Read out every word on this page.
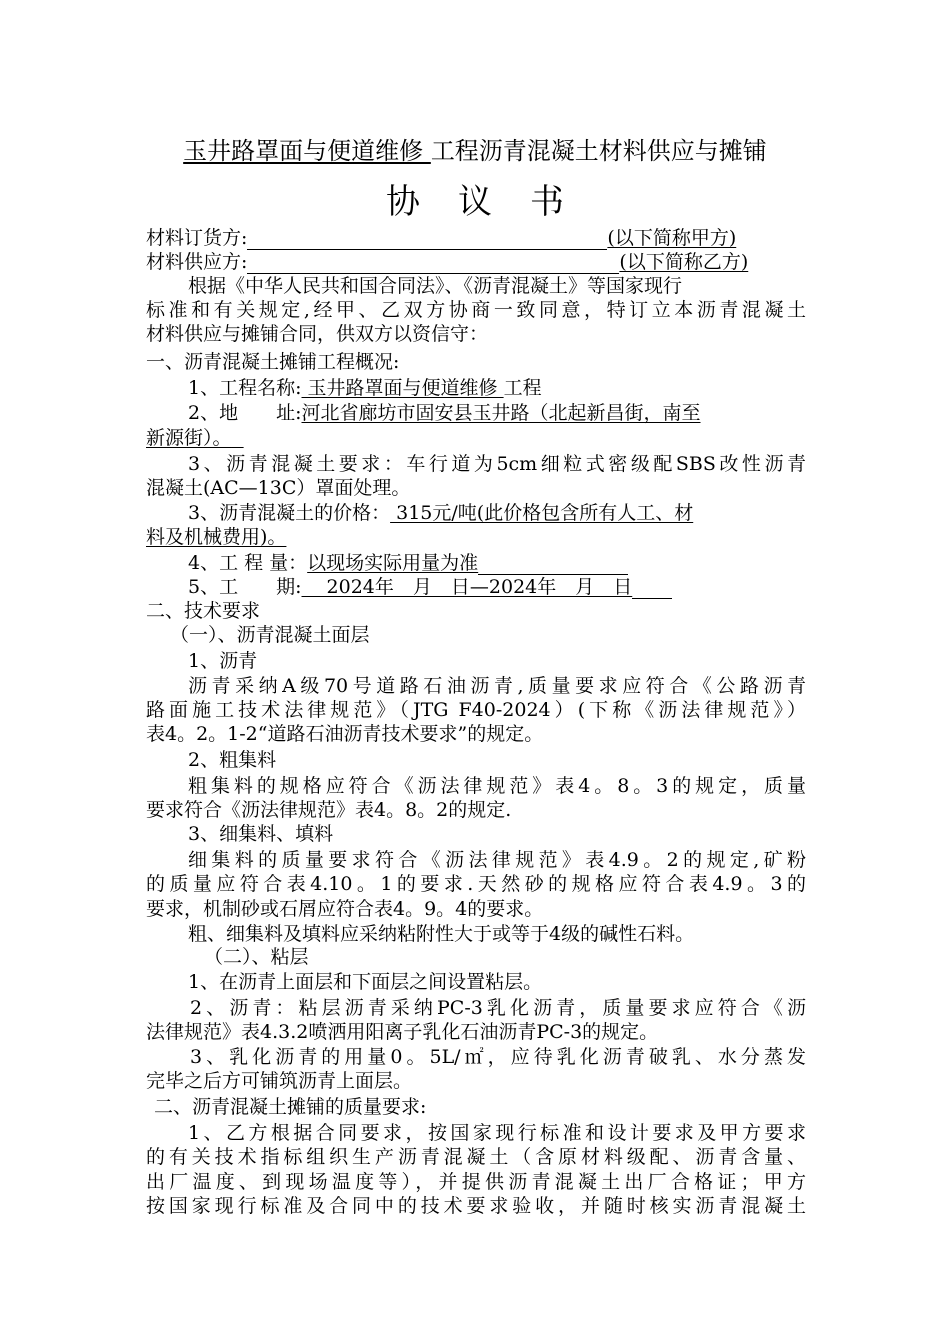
玉井路罩面与便道维修 工程沥青混凝土材料供应与摊铺
协议书
材料订货方:	(以下简称甲方)
材料供应方:	(以下简称乙方)
根据《中华人民共和国合同法》、《沥青混凝土》等国家现行
标准和有关规定,经甲、乙双方协商一致同意，特订立本沥青混凝土
材料供应与摊铺合同，供双方以资信守：
一、沥青混凝土摊铺工程概况:
1、工程名称: 玉井路罩面与便道维修 工程
2、地　　址:河北省廊坊市固安县玉井路（北起新昌街，南至
新源街）。
3、沥青混凝土要求：车行道为5cm细粒式密级配SBS改性沥青
混凝土(AC—13C）罩面处理。
3、沥青混凝土的价格： 315元/吨(此价格包含所有人工、材
料及机械费用)。
4、工 程 量：以现场实际用量为准
5、工　　期:　 2024年　月　日—2024年　月　日
二、技术要求
（一）、沥青混凝土面层
1、沥青
沥青采纳A级70号道路石油沥青,质量要求应符合《公路沥青
路面施工技术法律规范》（JTG F40-2024）(下称《沥法律规范》）
表4。2。1-2“道路石油沥青技术要求”的规定。
2、粗集料
粗集料的规格应符合《沥法律规范》表4。8。3的规定，质量
要求符合《沥法律规范》表4。8。2的规定.
3、细集料、填料
细集料的质量要求符合《沥法律规范》表4.9。2的规定,矿粉
的质量应符合表4.10。1的要求.天然砂的规格应符合表4.9。3的
要求，机制砂或石屑应符合表4。9。4的要求。
粗、细集料及填料应采纳粘附性大于或等于4级的碱性石料。
（二）、粘层
1、在沥青上面层和下面层之间设置粘层。
2、沥青：粘层沥青采纳PC-3乳化沥青，质量要求应符合《沥
法律规范》表4.3.2喷洒用阳离子乳化石油沥青PC-3的规定。
3、乳化沥青的用量0。5L/㎡，应待乳化沥青破乳、水分蒸发
完毕之后方可铺筑沥青上面层。
二、沥青混凝土摊铺的质量要求:
1、乙方根据合同要求，按国家现行标准和设计要求及甲方要求
的有关技术指标组织生产沥青混凝土（含原材料级配、沥青含量、
出厂温度、到现场温度等），并提供沥青混凝土出厂合格证；甲方
按国家现行标准及合同中的技术要求验收，并随时核实沥青混凝土
